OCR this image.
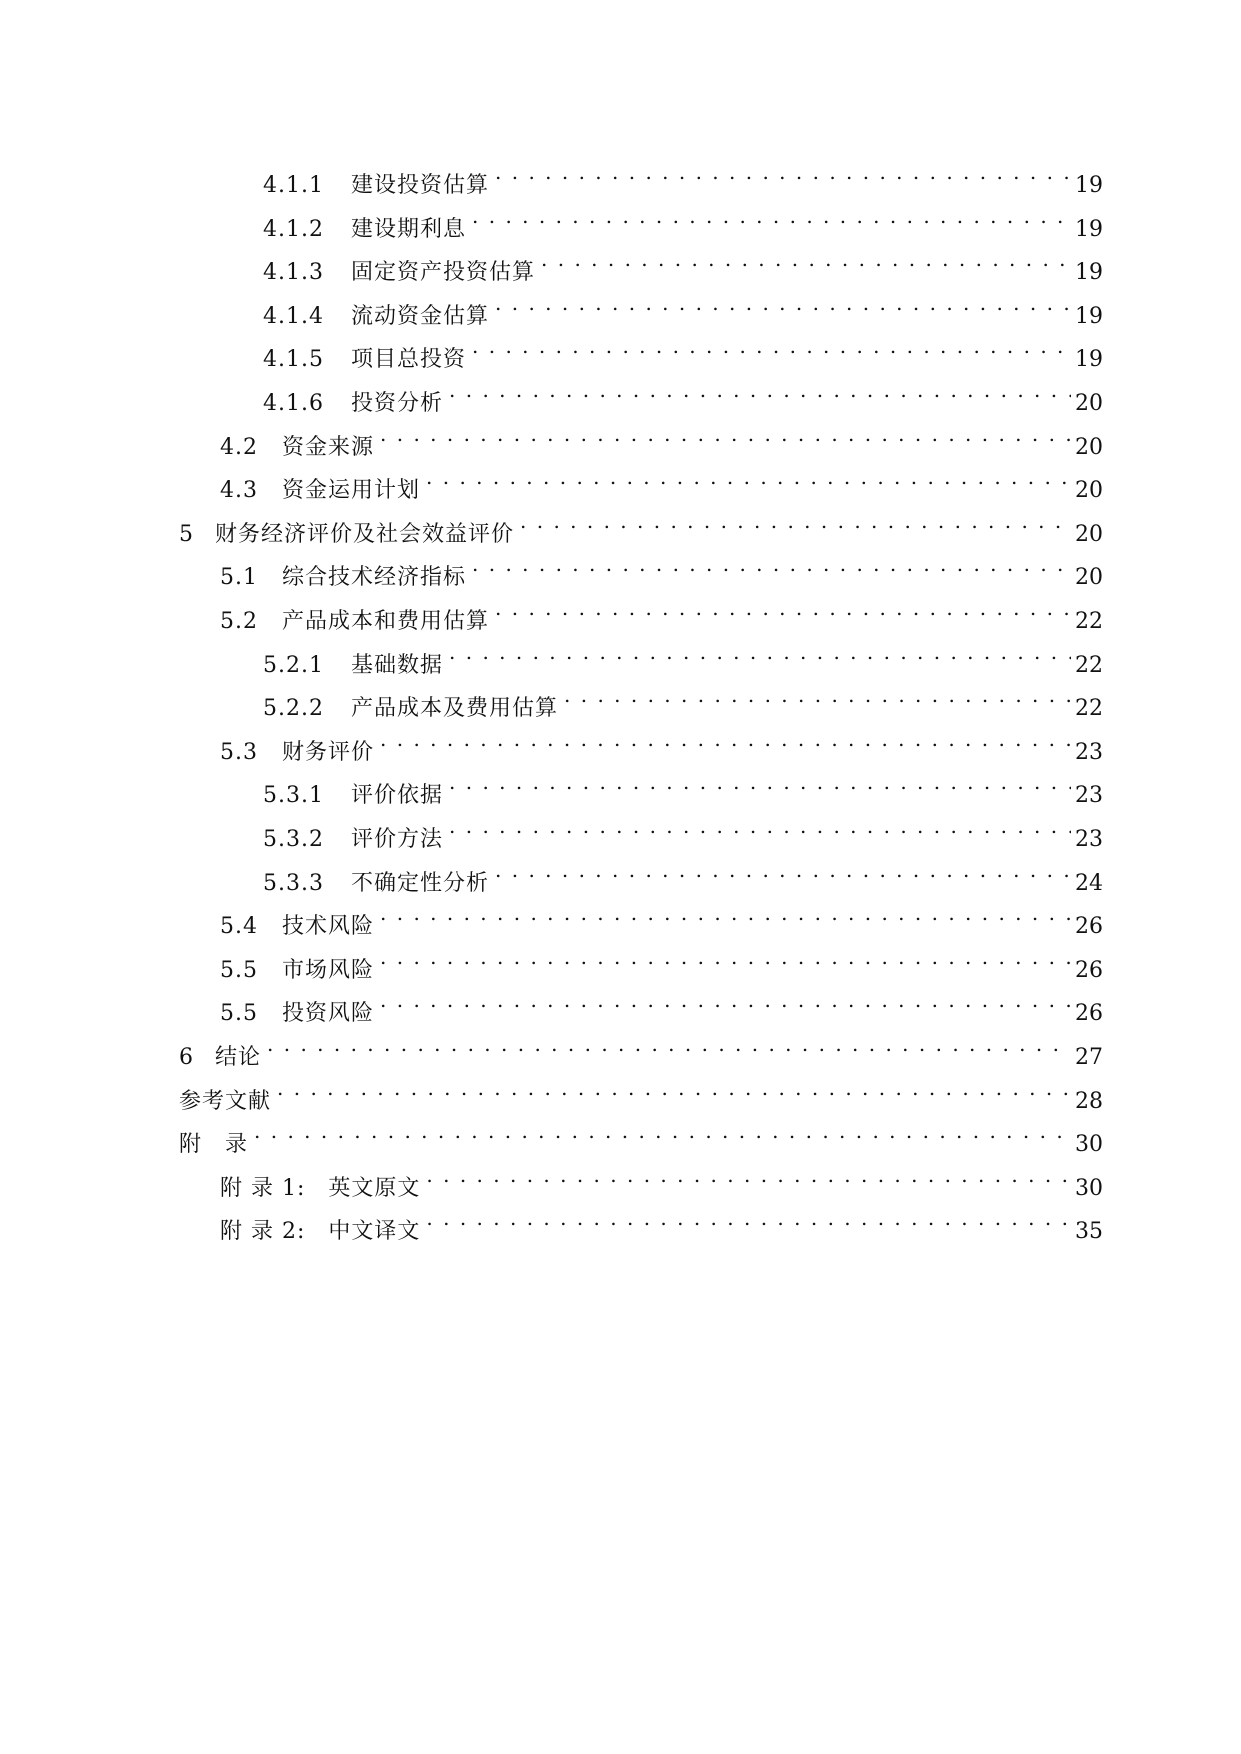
4.1.1	建设投资估算 . . .	19
4.1.2	建设期利息 . . .	19
4.1.3	固定资产投资估算 . . .	19
4.1.4	流动资金估算 . . .	19
4.1.5	项目总投资 . . .	19
4.1.6	投资分析 . . .	20
4.2	资金来源 . . .	20
4.3	资金运用计划 . . .	20
5 财务经济评价及社会效益评价 . . .	20
5.1	综合技术经济指标 . . .	20
5.2	产品成本和费用估算 . . .	22
5.2.1	基础数据 . . .	22
5.2.2	产品成本及费用估算 . . .	22
5.3	财务评价 . . .	23
5.3.1	评价依据 . . .	23
5.3.2	评价方法 . . .	23
5.3.3	不确定性分析 . . .	24
5.4	技术风险 . . .	26
5.5	市场风险 . . .	26
5.5	投资风险 . . .	26
6 结论 . . .	27
参考文献 . . .	28
附　录 . . .	30
附 录 1:　英文原文 . . .	30
附 录 2:　中文译文 . . .	35
